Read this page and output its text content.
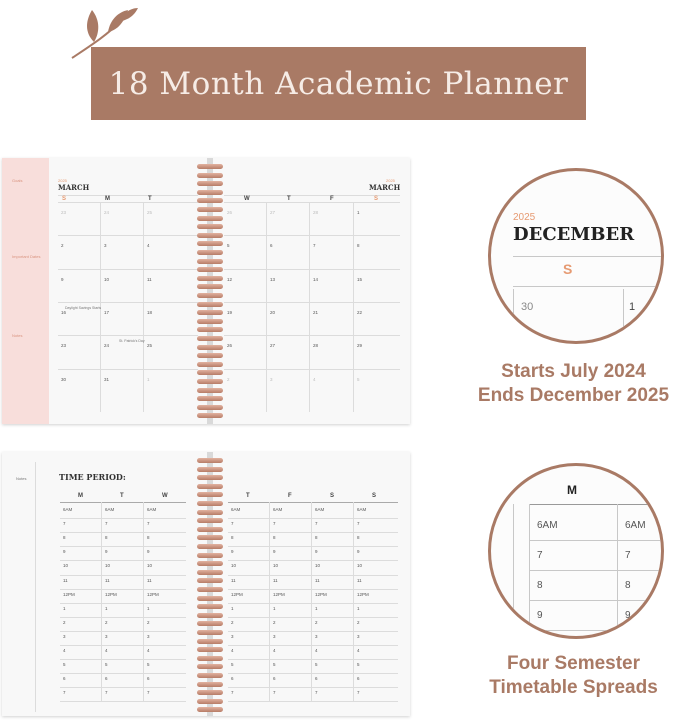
18 Month Academic Planner
Goals
Important Dates
Notes
2025
MARCH
2025
MARCH
S	M	T	W	T	F	S
23	24	25	26	27	28	1
2	3	4	5	6	7	8
9	10	11	12	13	14	15
16	17	18	19	20	21	22
23	24	25	26	27	28	29
30	31	1	2	3	4	5
Daylight Savings Starts
St. Patrick's Day
Notes	TIME PERIOD:
M	T	W	T	F	S	S
6AM	6AM	6AM	6AM	6AM	6AM	6AM
7	7	7	7	7	7	7
8	8	8	8	8	8	8
9	9	9	9	9	9	9
10	10	10	10	10	10	10
11	11	11	11	11	11	11
12PM	12PM	12PM	12PM	12PM	12PM	12PM
1	1	1	1	1	1	1
2	2	2	2	2	2	2
3	3	3	3	3	3	3
4	4	4	4	4	4	4
5	5	5	5	5	5	5
6	6	6	6	6	6	6
7	7	7	7	7	7	7
2025
DECEMBER
S
30	1
M
6AM	6AM
7	7
8	8
9	9
Starts July 2024
Ends December 2025
Four Semester
Timetable Spreads
